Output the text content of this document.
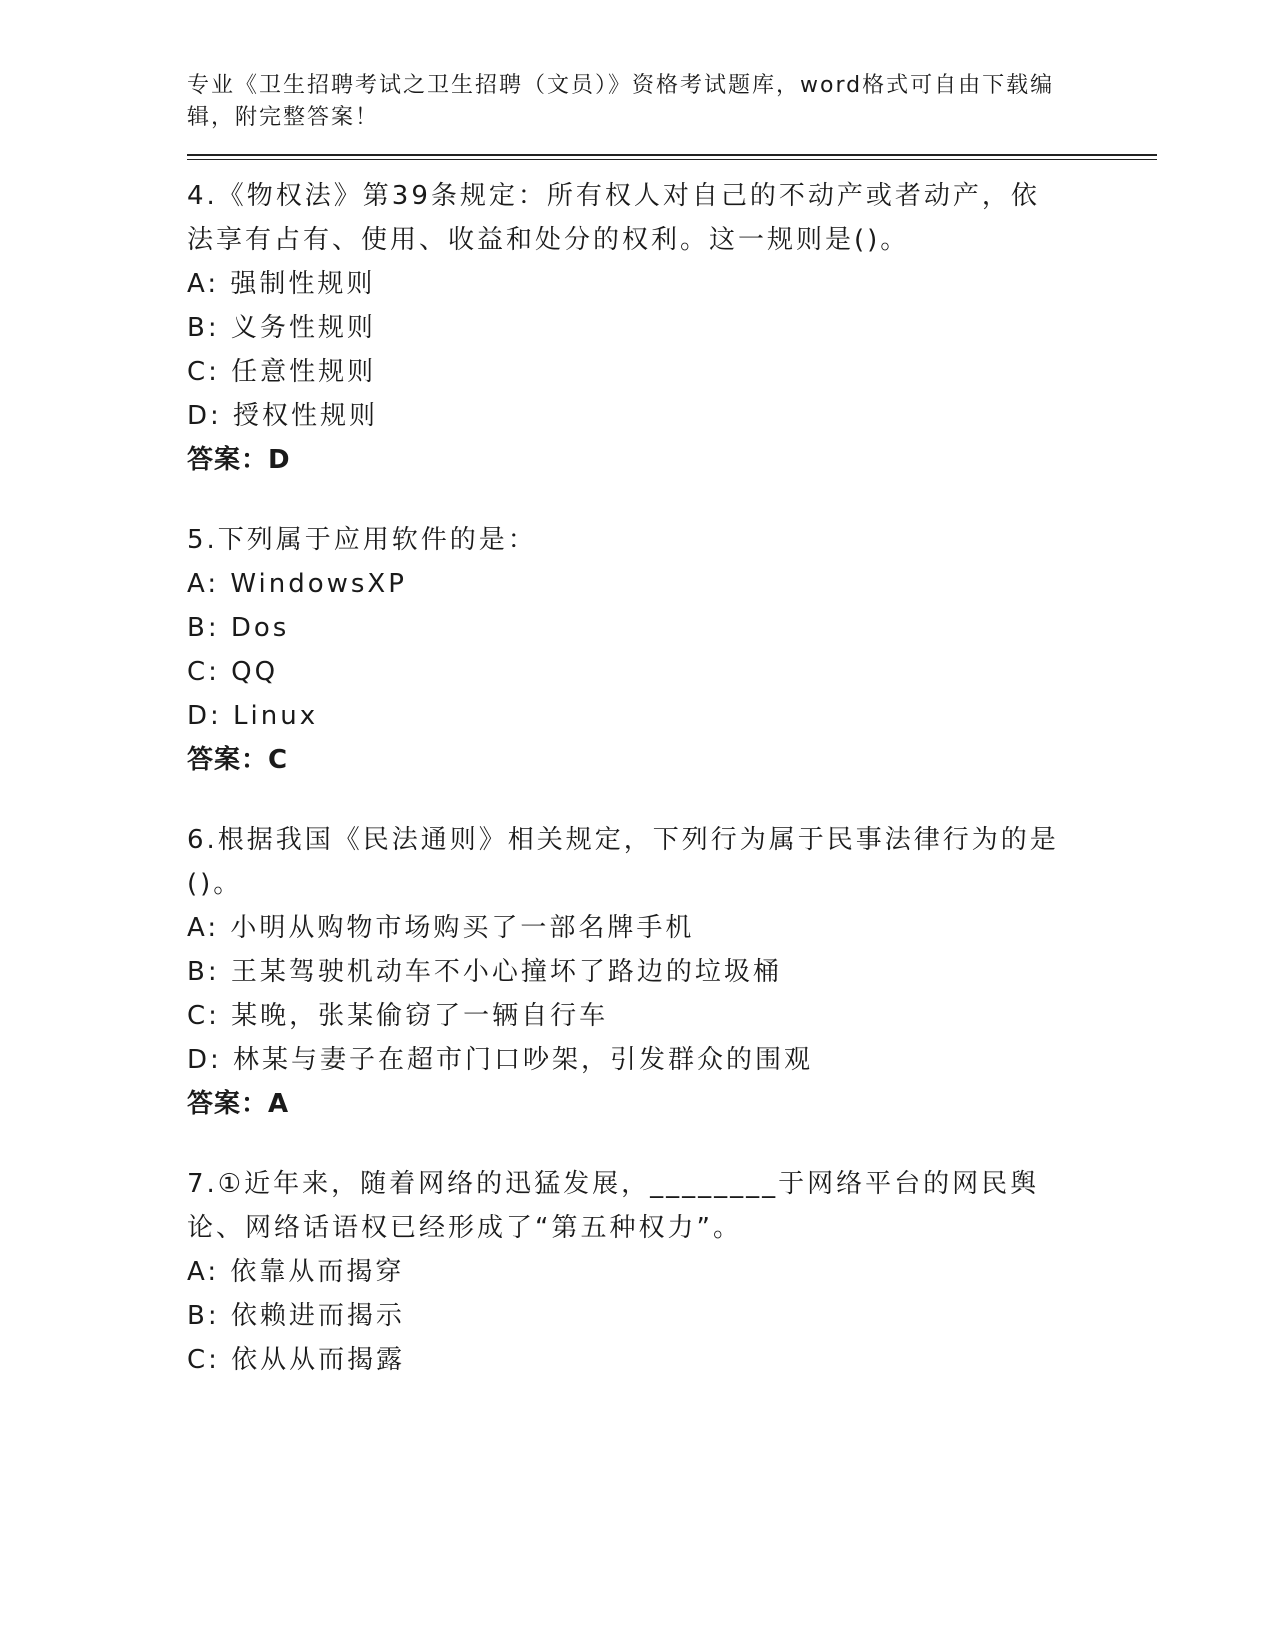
专业《卫生招聘考试之卫生招聘（文员）》资格考试题库，word格式可自由下载编辑，附完整答案！
4.《物权法》第39条规定：所有权人对自己的不动产或者动产，依法享有占有、使用、收益和处分的权利。这一规则是()。
A: 强制性规则
B: 义务性规则
C: 任意性规则
D: 授权性规则
答案：D
5.下列属于应用软件的是：
A: WindowsXP
B: Dos
C: QQ
D: Linux
答案：C
6.根据我国《民法通则》相关规定，下列行为属于民事法律行为的是()。
A: 小明从购物市场购买了一部名牌手机
B: 王某驾驶机动车不小心撞坏了路边的垃圾桶
C: 某晚，张某偷窃了一辆自行车
D: 林某与妻子在超市门口吵架，引发群众的围观
答案：A
7.①近年来，随着网络的迅猛发展，________于网络平台的网民舆论、网络话语权已经形成了“第五种权力”。
A: 依靠从而揭穿
B: 依赖进而揭示
C: 依从从而揭露
